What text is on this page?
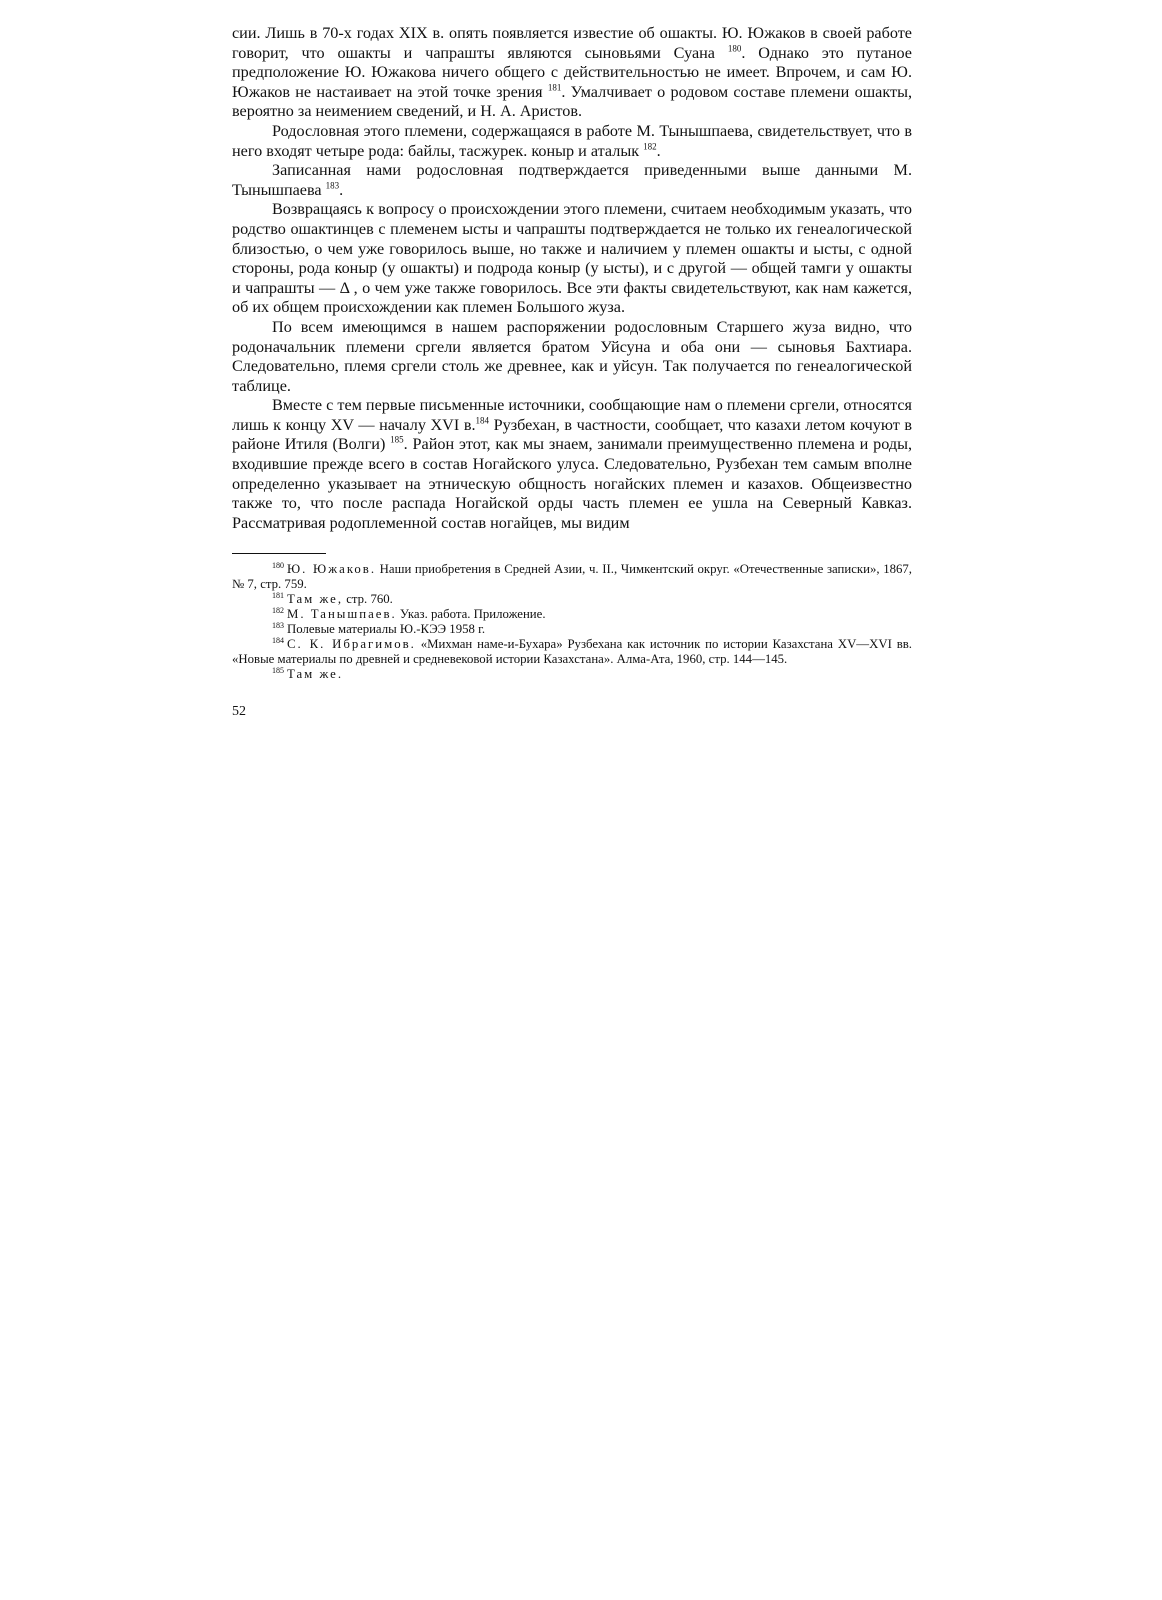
сии. Лишь в 70-х годах XIX в. опять появляется известие об ошакты. Ю. Южаков в своей работе говорит, что ошакты и чапрашты являются сыновьями Суана $^{180}$. Однако это путаное предположение Ю. Южакова ничего общего с действительностью не имеет. Впрочем, и сам Ю. Южаков не настаивает на этой точке зрения $^{181}$. Умалчивает о родовом составе племени ошакты, вероятно за неимением сведений, и Н. А. Аристов.

Родословная этого племени, содержащаяся в работе М. Тынышпаева, свидетельствует, что в него входят четыре рода: байлы, тасжурек. коныр и аталык $^{182}$.

Записанная нами родословная подтверждается приведенными выше данными М. Тынышпаева $^{183}$.

Возвращаясь к вопросу о происхождении этого племени, считаем необходимым указать, что родство ошактинцев с племенем ысты и чапрашты подтверждается не только их генеалогической близостью, о чем уже говорилось выше, но также и наличием у племен ошакты и ысты, с одной стороны, рода коныр (у ошакты) и подрода коныр (у ысты), и с другой — общей тамги у ошакты и чапрашты — Δ , о чем уже также говорилось. Все эти факты свидетельствуют, как нам кажется, об их общем происхождении как племен Большого жуза.

По всем имеющимся в нашем распоряжении родословным Старшего жуза видно, что родоначальник племени сргели является братом Уйсуна и оба они — сыновья Бахтиара. Следовательно, племя сргели столь же древнее, как и уйсун. Так получается по генеалогической таблице.

Вместе с тем первые письменные источники, сообщающие нам о племени сргели, относятся лишь к концу XV — началу XVI в.$^{184}$ Рузбехан, в частности, сообщает, что казахи летом кочуют в районе Итиля (Волги) $^{185}$. Район этот, как мы знаем, занимали преимущественно племена и роды, входившие прежде всего в состав Ногайского улуса. Следовательно, Рузбехан тем самым вполне определенно указывает на этническую общность ногайских племен и казахов. Общеизвестно также то, что после распада Ногайской орды часть племен ее ушла на Северный Кавказ. Рассматривая родоплеменной состав ногайцев, мы видим

$^{180}$ Ю. Южаков. Наши приобретения в Средней Азии, ч. II., Чимкентский округ. «Отечественные записки», 1867, № 7, стр. 759.

$^{181}$ Там же, стр. 760.

$^{182}$ М. Танышпаев. Указ. работа. Приложение.

$^{183}$ Полевые материалы Ю.-КЭЭ 1958 г.

$^{184}$ С. К. Ибрагимов. «Михман наме-и-Бухара» Рузбехана как источник по истории Казахстана XV—XVI вв. «Новые материалы по древней и средневековой истории Казахстана». Алма-Ата, 1960, стр. 144—145.

$^{185}$ Там же.

52
